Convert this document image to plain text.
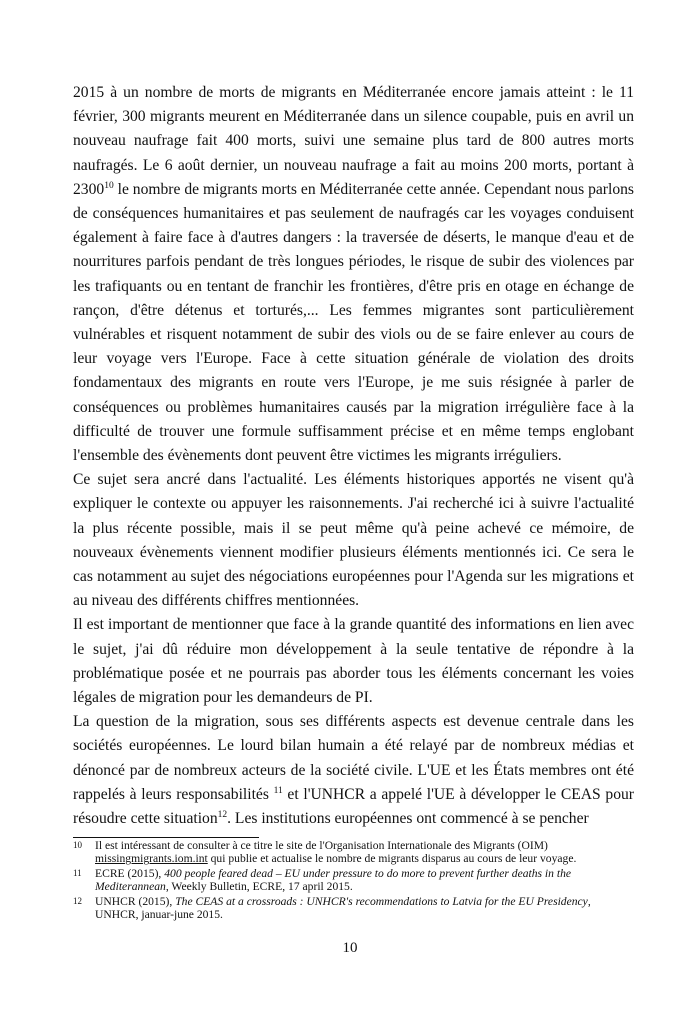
2015 à un nombre de morts de migrants en Méditerranée encore jamais atteint : le 11 février, 300 migrants meurent en Méditerranée dans un silence coupable, puis en avril un nouveau naufrage fait 400 morts, suivi une semaine plus tard de 800 autres morts naufragés. Le 6 août dernier, un nouveau naufrage a fait au moins 200 morts, portant à 2300$^{10}$ le nombre de migrants morts en Méditerranée cette année. Cependant nous parlons de conséquences humanitaires et pas seulement de naufragés car les voyages conduisent également à faire face à d'autres dangers : la traversée de déserts, le manque d'eau et de nourritures parfois pendant de très longues périodes, le risque de subir des violences par les trafiquants ou en tentant de franchir les frontières, d'être pris en otage en échange de rançon, d'être détenus et torturés,... Les femmes migrantes sont particulièrement vulnérables et risquent notamment de subir des viols ou de se faire enlever au cours de leur voyage vers l'Europe. Face à cette situation générale de violation des droits fondamentaux des migrants en route vers l'Europe, je me suis résignée à parler de conséquences ou problèmes humanitaires causés par la migration irrégulière face à la difficulté de trouver une formule suffisamment précise et en même temps englobant l'ensemble des évènements dont peuvent être victimes les migrants irréguliers.

Ce sujet sera ancré dans l'actualité. Les éléments historiques apportés ne visent qu'à expliquer le contexte ou appuyer les raisonnements. J'ai recherché ici à suivre l'actualité la plus récente possible, mais il se peut même qu'à peine achevé ce mémoire, de nouveaux évènements viennent modifier plusieurs éléments mentionnés ici. Ce sera le cas notamment au sujet des négociations européennes pour l'Agenda sur les migrations et au niveau des différents chiffres mentionnées.

Il est important de mentionner que face à la grande quantité des informations en lien avec le sujet, j'ai dû réduire mon développement à la seule tentative de répondre à la problématique posée et ne pourrais pas aborder tous les éléments concernant les voies légales de migration pour les demandeurs de PI.

La question de la migration, sous ses différents aspects est devenue centrale dans les sociétés européennes. Le lourd bilan humain a été relayé par de nombreux médias et dénoncé par de nombreux acteurs de la société civile. L'UE et les États membres ont été rappelés à leurs responsabilités $^{11}$ et l'UNHCR a appelé l'UE à développer le CEAS pour résoudre cette situation$^{12}$. Les institutions européennes ont commencé à se pencher

10	Il est intéressant de consulter à ce titre le site de l'Organisation Internationale des Migrants (OIM) missingmigrants.iom.int qui publie et actualise le nombre de migrants disparus au cours de leur voyage.
11	ECRE (2015), 400 people feared dead – EU under pressure to do more to prevent further deaths in the Mediterannean, Weekly Bulletin, ECRE, 17 april 2015.
12	UNHCR (2015), The CEAS at a crossroads : UNHCR's recommendations to Latvia for the EU Presidency, UNHCR, januar-june 2015.
10
